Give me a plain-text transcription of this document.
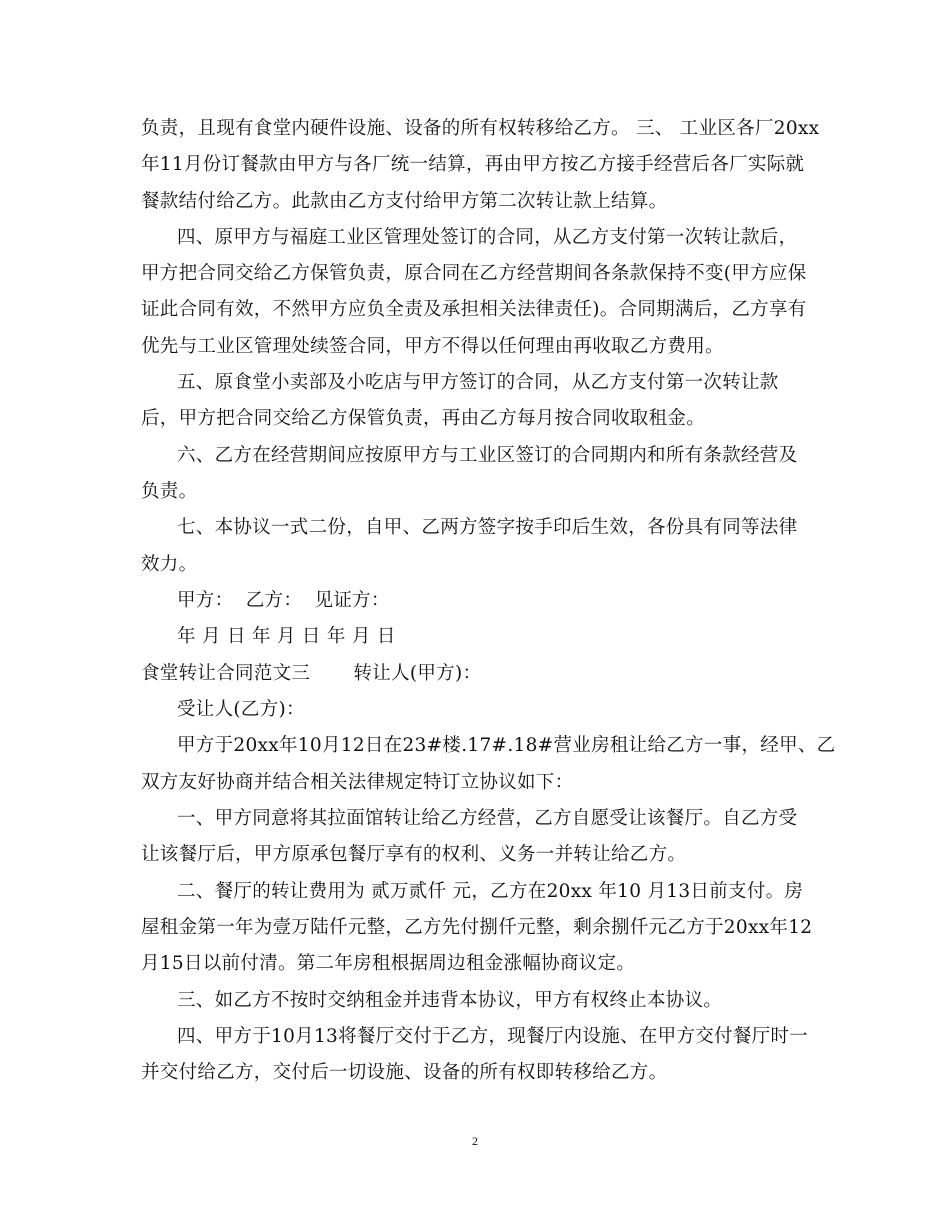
负责，且现有食堂内硬件设施、设备的所有权转移给乙方。 三、 工业区各厂20xx
年11月份订餐款由甲方与各厂统一结算，再由甲方按乙方接手经营后各厂实际就
餐款结付给乙方。此款由乙方支付给甲方第二次转让款上结算。
四、原甲方与福庭工业区管理处签订的合同，从乙方支付第一次转让款后，
甲方把合同交给乙方保管负责，原合同在乙方经营期间各条款保持不变(甲方应保
证此合同有效，不然甲方应负全责及承担相关法律责任)。合同期满后，乙方享有
优先与工业区管理处续签合同，甲方不得以任何理由再收取乙方费用。
五、原食堂小卖部及小吃店与甲方签订的合同，从乙方支付第一次转让款
后，甲方把合同交给乙方保管负责，再由乙方每月按合同收取租金。
六、乙方在经营期间应按原甲方与工业区签订的合同期内和所有条款经营及
负责。
七、本协议一式二份，自甲、乙两方签字按手印后生效，各份具有同等法律
效力。
甲方：  乙方：  见证方：
年 月 日 年 月 日 年 月 日
食堂转让合同范文三       转让人(甲方)：
受让人(乙方)：
甲方于20xx年10月12日在23#楼.17#.18#营业房租让给乙方一事，经甲、乙
双方友好协商并结合相关法律规定特订立协议如下：
一、甲方同意将其拉面馆转让给乙方经营，乙方自愿受让该餐厅。自乙方受
让该餐厅后，甲方原承包餐厅享有的权利、义务一并转让给乙方。
二、餐厅的转让费用为 贰万贰仟 元，乙方在20xx 年10 月13日前支付。房
屋租金第一年为壹万陆仟元整，乙方先付捌仟元整，剩余捌仟元乙方于20xx年12
月15日以前付清。第二年房租根据周边租金涨幅协商议定。
三、如乙方不按时交纳租金并违背本协议，甲方有权终止本协议。
四、甲方于10月13将餐厅交付于乙方，现餐厅内设施、在甲方交付餐厅时一
并交付给乙方，交付后一切设施、设备的所有权即转移给乙方。
2
